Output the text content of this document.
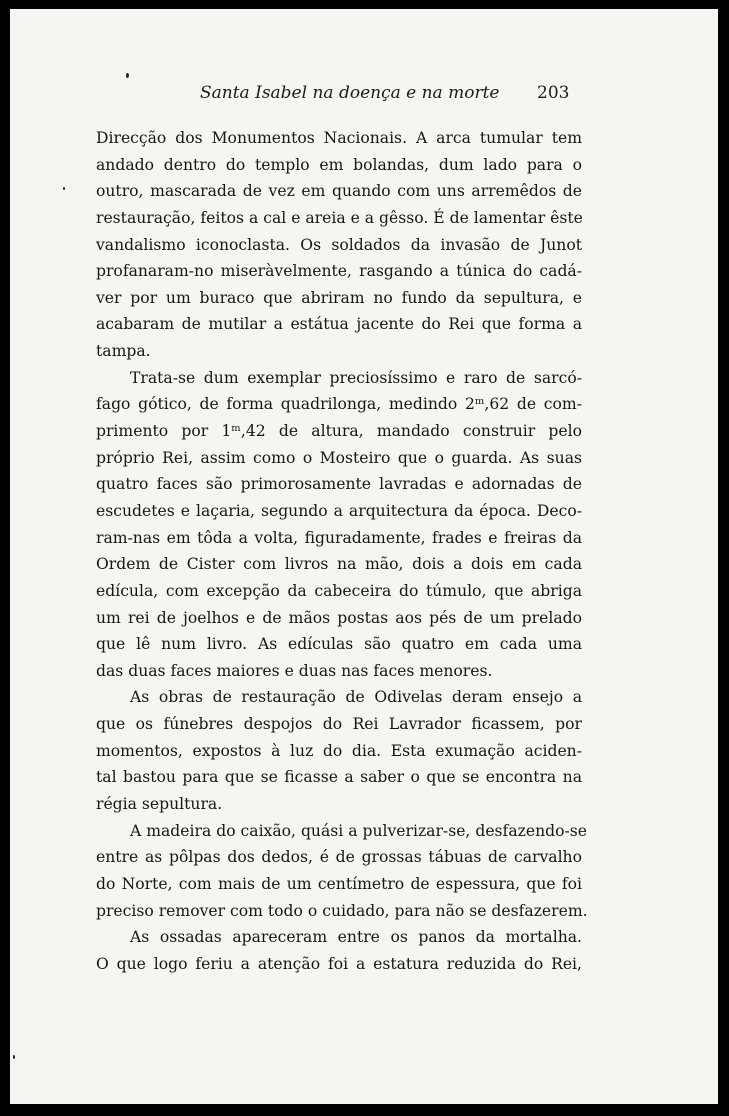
Santa Isabel na doença e na morte 203
Direcção dos Monumentos Nacionais. A arca tumular tem
andado dentro do templo em bolandas, dum lado para o
outro, mascarada de vez em quando com uns arremêdos de
restauração, feitos a cal e areia e a gêsso. É de lamentar êste
vandalismo iconoclasta. Os soldados da invasão de Junot
profanaram-no miseràvelmente, rasgando a túnica do cadá-
ver por um buraco que abriram no fundo da sepultura, e
acabaram de mutilar a estátua jacente do Rei que forma a
tampa.
Trata-se dum exemplar preciosíssimo e raro de sarcó-
fago gótico, de forma quadrilonga, medindo 2ᵐ,62 de com-
primento por 1ᵐ,42 de altura, mandado construir pelo
próprio Rei, assim como o Mosteiro que o guarda. As suas
quatro faces são primorosamente lavradas e adornadas de
escudetes e laçaria, segundo a arquitectura da época. Deco-
ram-nas em tôda a volta, figuradamente, frades e freiras da
Ordem de Cister com livros na mão, dois a dois em cada
edícula, com excepção da cabeceira do túmulo, que abriga
um rei de joelhos e de mãos postas aos pés de um prelado
que lê num livro. As edículas são quatro em cada uma
das duas faces maiores e duas nas faces menores.
As obras de restauração de Odivelas deram ensejo a
que os fúnebres despojos do Rei Lavrador ficassem, por
momentos, expostos à luz do dia. Esta exumação aciden-
tal bastou para que se ficasse a saber o que se encontra na
régia sepultura.
A madeira do caixão, quási a pulverizar-se, desfazendo-se
entre as pôlpas dos dedos, é de grossas tábuas de carvalho
do Norte, com mais de um centímetro de espessura, que foi
preciso remover com todo o cuidado, para não se desfazerem.
As ossadas apareceram entre os panos da mortalha.
O que logo feriu a atenção foi a estatura reduzida do Rei,
